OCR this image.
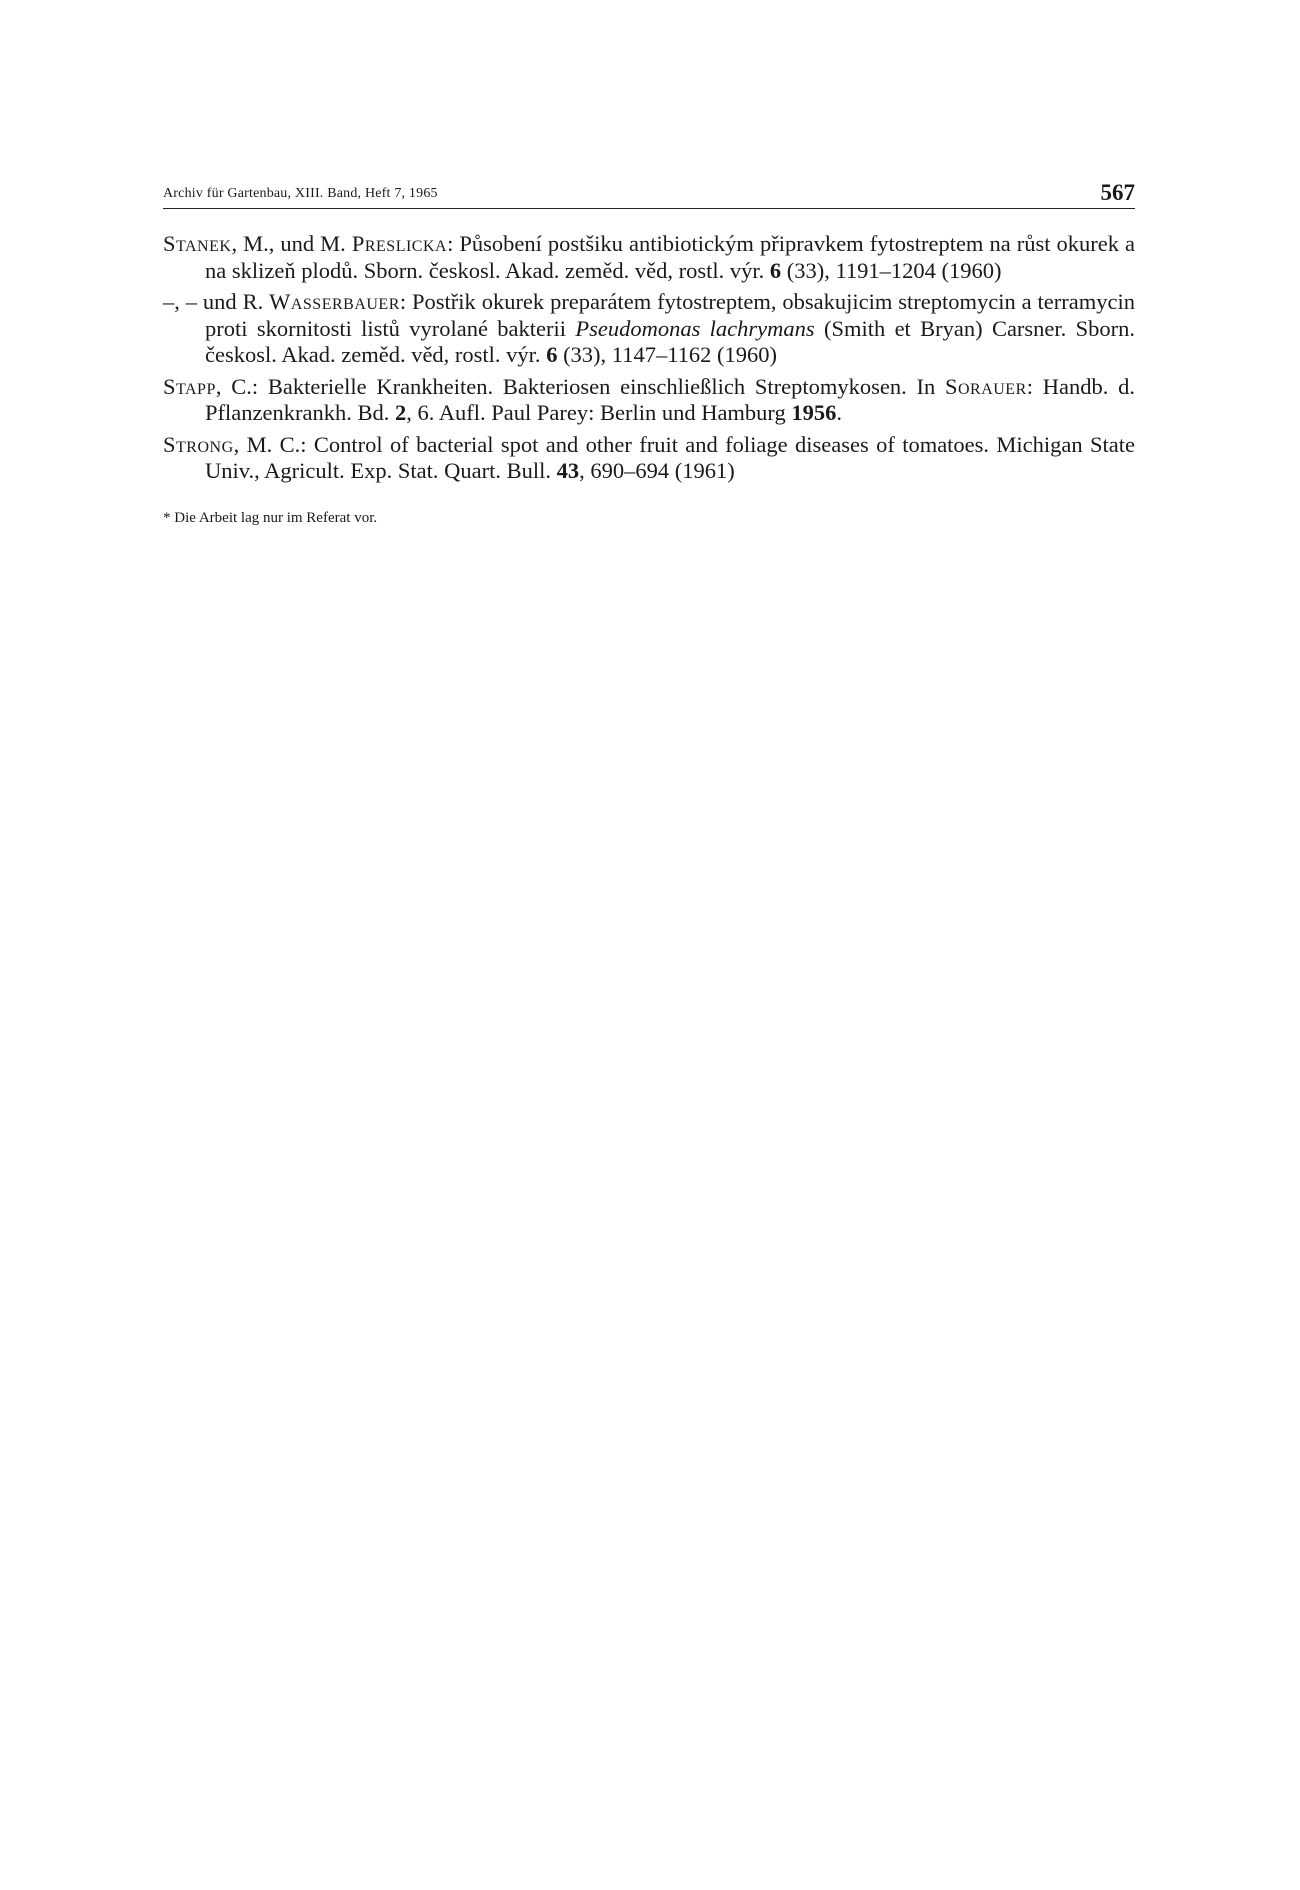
Archiv für Gartenbau, XIII. Band, Heft 7, 1965	567

Stanek, M., und M. Preslicka: Působení postšiku antibiotickým připravkem fytostreptem na růst okurek a na sklizeň plodů. Sborn. českosl. Akad. zeměd. věd, rostl. výr. 6 (33), 1191–1204 (1960)

–, – und R. Wasserbauer: Postřik okurek preparátem fytostreptem, obsakujicim streptomycin a terramycin proti skornitosti listů vyrolané bakterii Pseudomonas lachrymans (Smith et Bryan) Carsner. Sborn. českosl. Akad. zeměd. věd, rostl. výr. 6 (33), 1147–1162 (1960)

Stapp, C.: Bakterielle Krankheiten. Bakteriosen einschließlich Streptomykosen. In Sorauer: Handb. d. Pflanzenkrankh. Bd. 2, 6. Aufl. Paul Parey: Berlin und Hamburg 1956.

Strong, M. C.: Control of bacterial spot and other fruit and foliage diseases of tomatoes. Michigan State Univ., Agricult. Exp. Stat. Quart. Bull. 43, 690–694 (1961)

* Die Arbeit lag nur im Referat vor.
